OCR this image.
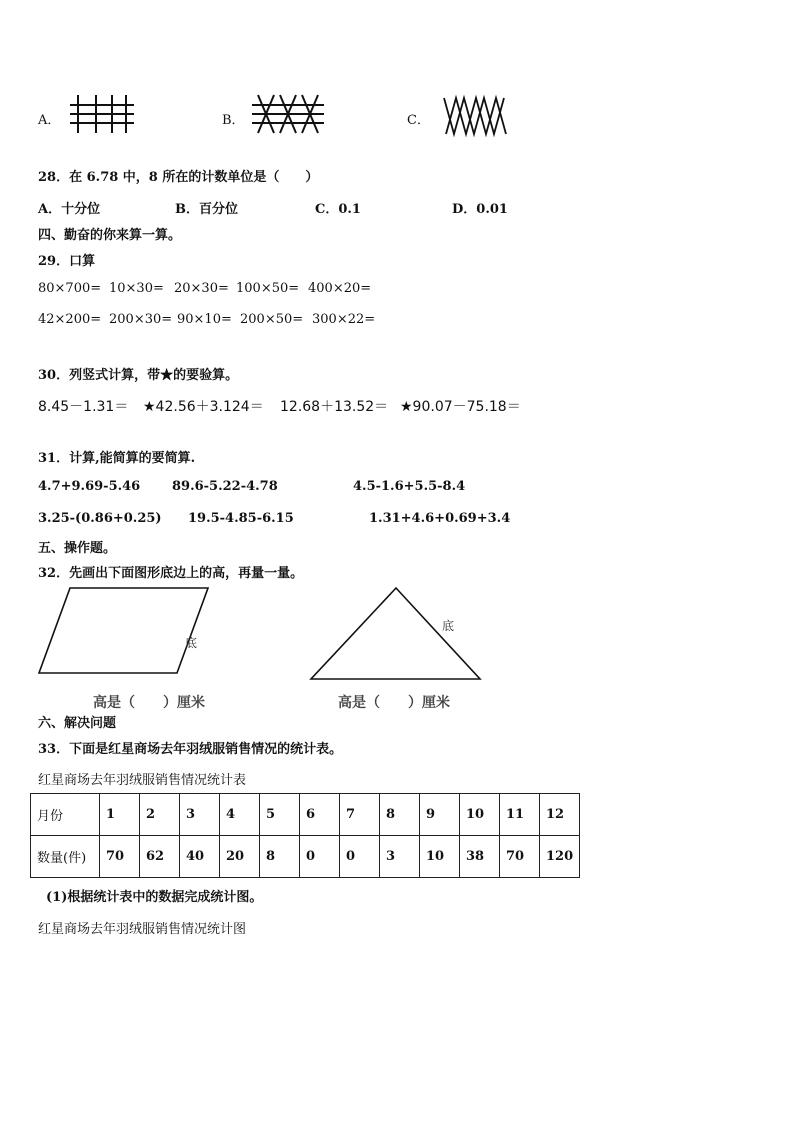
A．	B．	C．
28．在 6.78 中，8 所在的计数单位是（　　）
A．十分位	B．百分位	C．0.1	D．0.01
四、勤奋的你来算一算。
29．口算
80×700= 10×30= 20×30= 100×50= 400×20=
42×200= 200×30= 90×10= 200×50= 300×22=
30．列竖式计算，带★的要验算。
8.45－1.31＝ ★42.56＋3.124＝ 12.68＋13.52＝ ★90.07－75.18＝
31．计算,能简算的要简算.
4.7+9.69-5.46 89.6-5.22-4.78	4.5-1.6+5.5-8.4
3.25-(0.86+0.25) 19.5-4.85-6.15	1.31+4.6+0.69+3.4
五、操作题。
32．先画出下面图形底边上的高，再量一量。
底
高是（　　）厘米
底
高是（　　）厘米
六、解决问题
33．下面是红星商场去年羽绒服销售情况的统计表。
红星商场去年羽绒服销售情况统计表
月份	1	2	3	4	5	6	7	8	9	10	11	12
数量(件)	70	62	40	20	8	0	0	3	10	38	70	120
(1)根据统计表中的数据完成统计图。
红星商场去年羽绒服销售情况统计图
